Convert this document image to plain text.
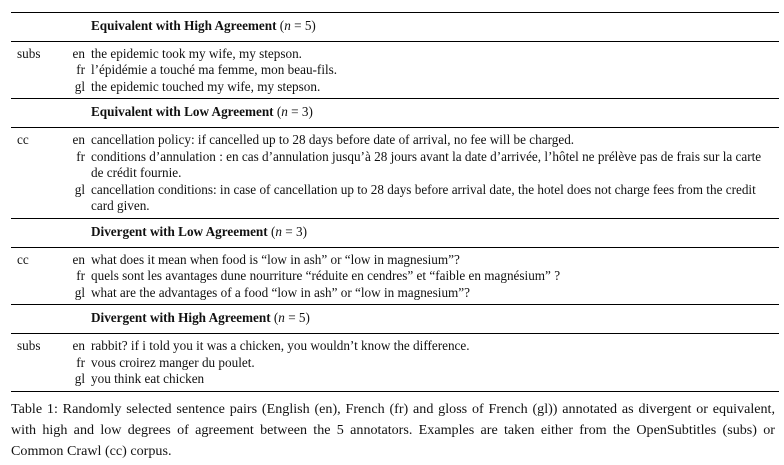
		Equivalent with High Agreement (n = 5)
subs	en	the epidemic took my wife, my stepson.
	fr	l’épidémie a touché ma femme, mon beau-fils.
	gl	the epidemic touched my wife, my stepson.
		Equivalent with Low Agreement (n = 3)
cc	en	cancellation policy: if cancelled up to 28 days before date of arrival, no fee will be charged.
	fr	conditions d’annulation : en cas d’annulation jusqu’à 28 jours avant la date d’arrivée, l’hôtel ne prélève pas de frais sur la carte de crédit fournie.
	gl	cancellation conditions: in case of cancellation up to 28 days before arrival date, the hotel does not charge fees from the credit card given.
		Divergent with Low Agreement (n = 3)
cc	en	what does it mean when food is “low in ash” or “low in magnesium”?
	fr	quels sont les avantages dune nourriture “réduite en cendres” et “faible en magnésium” ?
	gl	what are the advantages of a food “low in ash” or “low in magnesium”?
		Divergent with High Agreement (n = 5)
subs	en	rabbit? if i told you it was a chicken, you wouldn’t know the difference.
	fr	vous croirez manger du poulet.
	gl	you think eat chicken
Table 1: Randomly selected sentence pairs (English (en), French (fr) and gloss of French (gl)) annotated as divergent or equivalent, with high and low degrees of agreement between the 5 annotators. Examples are taken either from the OpenSubtitles (subs) or Common Crawl (cc) corpus.
